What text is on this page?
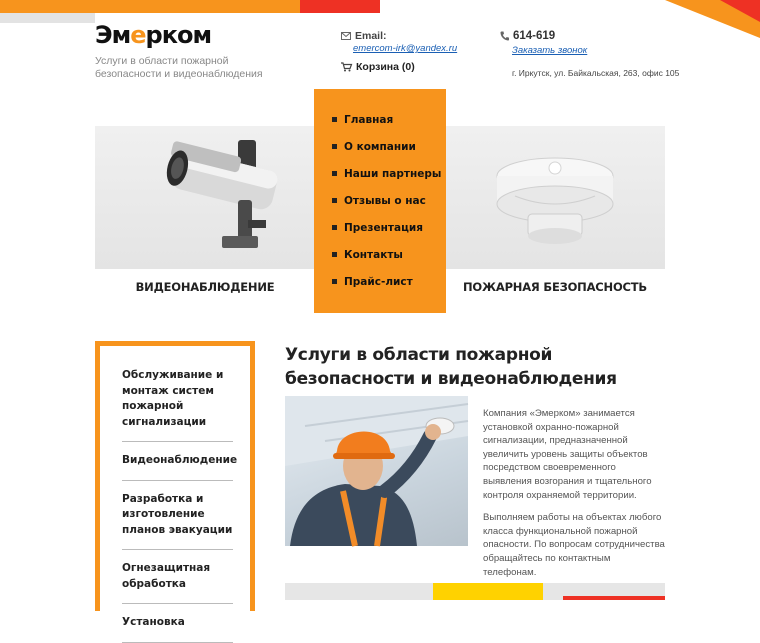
Эм е рком
Услуги в области пожарной безопасности и видеонаблюдения
Email:
emercom-irk@yandex.ru
Корзина (0)
614-619
Заказать звонок
г. Иркутск, ул. Байкальская, 263, офис 105
ВИДЕОНАБЛЮДЕНИЕ	ПОЖАРНАЯ БЕЗОПАСНОСТЬ
Главная
О компании
Наши партнеры
Отзывы о нас
Презентация
Контакты
Прайс-лист
Обслуживание и монтаж систем пожарной сигнализации
Видеонаблюдение
Разработка и изготовление планов эвакуации
Огнезащитная обработка
Установка
Услуги в области пожарной безопасности и видеонаблюдения

Компания «Эмерком» занимается установкой охранно-пожарной сигнализации, предназначенной увеличить уровень защиты объектов посредством своевременного выявления возгорания и тщательного контроля охраняемой территории.

Выполняем работы на объектах любого класса функциональной пожарной опасности. По вопросам сотрудничества обращайтесь по контактным телефонам.
